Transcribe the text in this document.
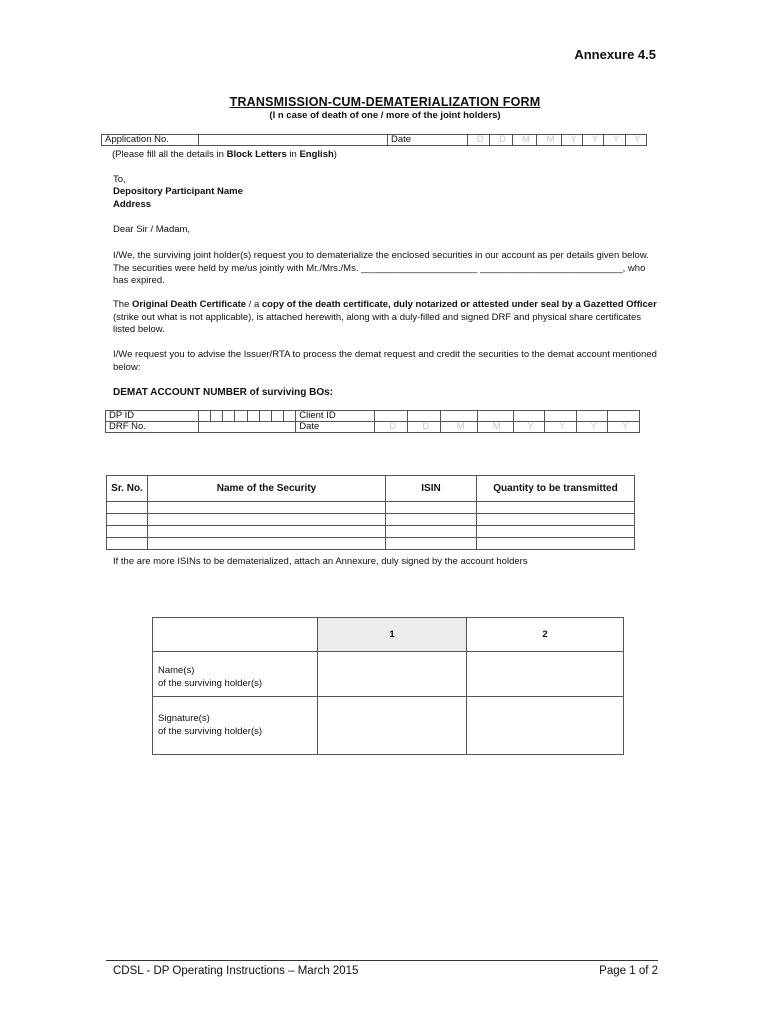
Annexure 4.5
TRANSMISSION-CUM-DEMATERIALIZATION FORM
(I n case of death of one / more of the joint holders)
Application No.		Date	D	D	M	M	Y	Y	Y	Y
(Please fill all the details in Block Letters in English)
To,
Depository Participant Name
Address
Dear Sir / Madam,
I/We, the surviving joint holder(s) request you to dematerialize the enclosed securities in our account as per details given below. The securities were held by me/us jointly with Mr./Mrs./Ms. ______________________ ___________________________, who has expired.
The Original Death Certificate / a copy of the death certificate, duly notarized or attested under seal by a Gazetted Officer (strike out what is not applicable), is attached herewith, along with a duly-filled and signed DRF and physical share certificates listed below.
I/We request you to advise the Issuer/RTA to process the demat request and credit the securities to the demat account mentioned below:
DEMAT ACCOUNT NUMBER of surviving BOs:
DP ID									Client ID								
DRF No.									Date	D	D	M	M	Y	Y	Y	Y
Sr. No.	Name of the Security	ISIN	Quantity to be transmitted

If the are more ISINs to be dematerialized, attach an Annexure, duly signed by the account holders
	1	2
Name(s)
of the surviving holder(s)		
Signature(s)
of the surviving holder(s)		
CDSL - DP Operating Instructions – March 2015	Page 1 of 2
